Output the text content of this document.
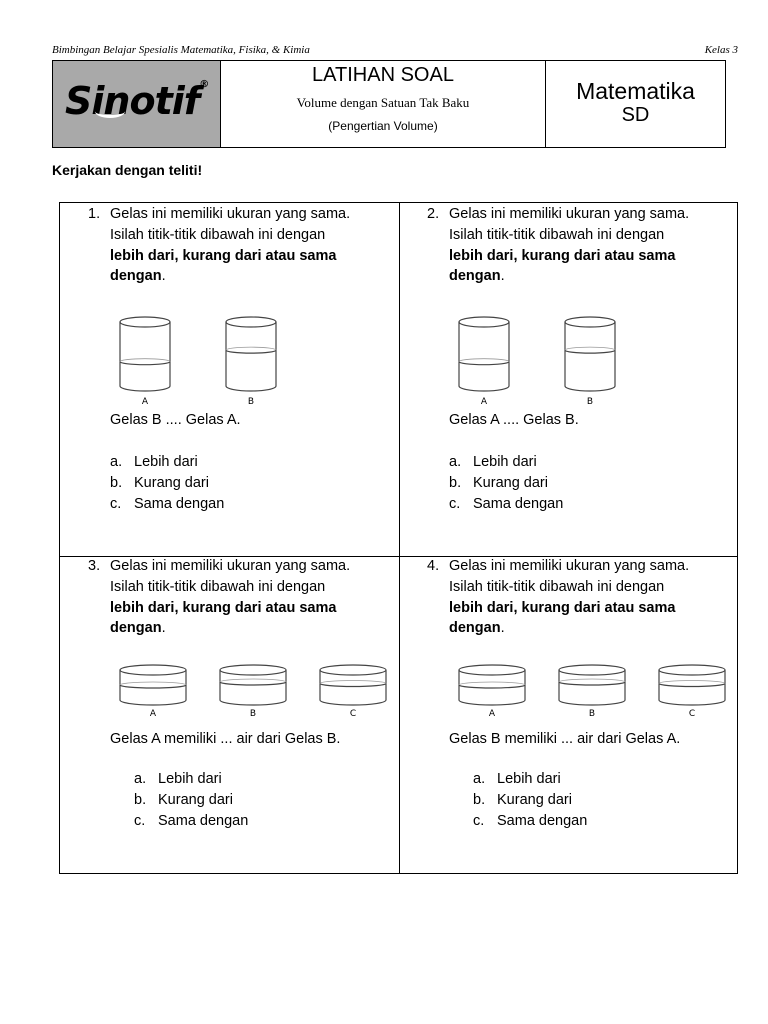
Bimbingan Belajar Spesialis Matematika, Fisika, & Kimia	Kelas 3
Sinotif®	LATIHAN SOAL
Volume dengan Satuan Tak Baku
(Pengertian Volume)
Matematika
SD
Kerjakan dengan teliti!
1. Gelas ini memiliki ukuran yang sama.
Isilah titik-titik dibawah ini dengan
lebih dari, kurang dari atau sama
dengan.
Gelas B .... Gelas A.
a. Lebih dari
b. Kurang dari
c. Sama dengan
A	B
2. Gelas ini memiliki ukuran yang sama.
Isilah titik-titik dibawah ini dengan
lebih dari, kurang dari atau sama
dengan.
Gelas A .... Gelas B.
a. Lebih dari
b. Kurang dari
c. Sama dengan
A	B
3. Gelas ini memiliki ukuran yang sama.
Isilah titik-titik dibawah ini dengan
lebih dari, kurang dari atau sama
dengan.
Gelas A memiliki ... air dari Gelas B.
a. Lebih dari
b. Kurang dari
c. Sama dengan
A	B	C
4. Gelas ini memiliki ukuran yang sama.
Isilah titik-titik dibawah ini dengan
lebih dari, kurang dari atau sama
dengan.
Gelas B memiliki ... air dari Gelas A.
a. Lebih dari
b. Kurang dari
c. Sama dengan
A	B	C
